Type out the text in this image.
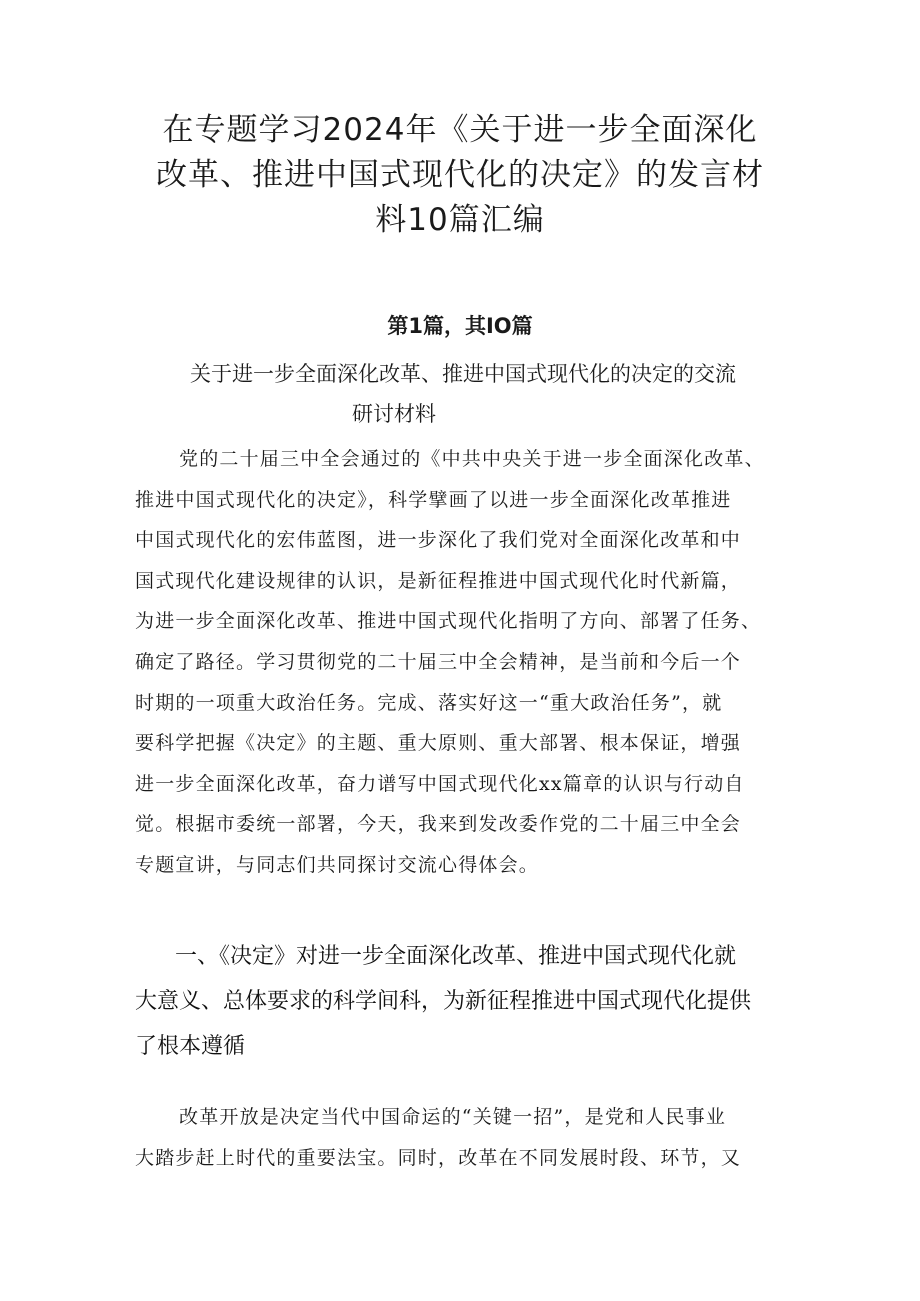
在专题学习2024年《关于进一步全面深化
改革、推进中国式现代化的决定》的发言材
料10篇汇编
第1篇，其IO篇
关于进一步全面深化改革、推进中国式现代化的决定的交流
研讨材料
党的二十届三中全会通过的《中共中央关于进一步全面深化改革、
推进中国式现代化的决定》，科学擘画了以进一步全面深化改革推进
中国式现代化的宏伟蓝图，进一步深化了我们党对全面深化改革和中
国式现代化建设规律的认识，是新征程推进中国式现代化时代新篇，
为进一步全面深化改革、推进中国式现代化指明了方向、部署了任务、
确定了路径。学习贯彻党的二十届三中全会精神，是当前和今后一个
时期的一项重大政治任务。完成、落实好这一“重大政治任务”，就
要科学把握《决定》的主题、重大原则、重大部署、根本保证，增强
进一步全面深化改革，奋力谱写中国式现代化xx篇章的认识与行动自
觉。根据市委统一部署，今天，我来到发改委作党的二十届三中全会
专题宣讲，与同志们共同探讨交流心得体会。
一、《决定》对进一步全面深化改革、推进中国式现代化就
大意义、总体要求的科学间科，为新征程推进中国式现代化提供
了根本遵循
改革开放是决定当代中国命运的“关键一招”，是党和人民事业
大踏步赶上时代的重要法宝。同时，改革在不同发展时段、环节，又
